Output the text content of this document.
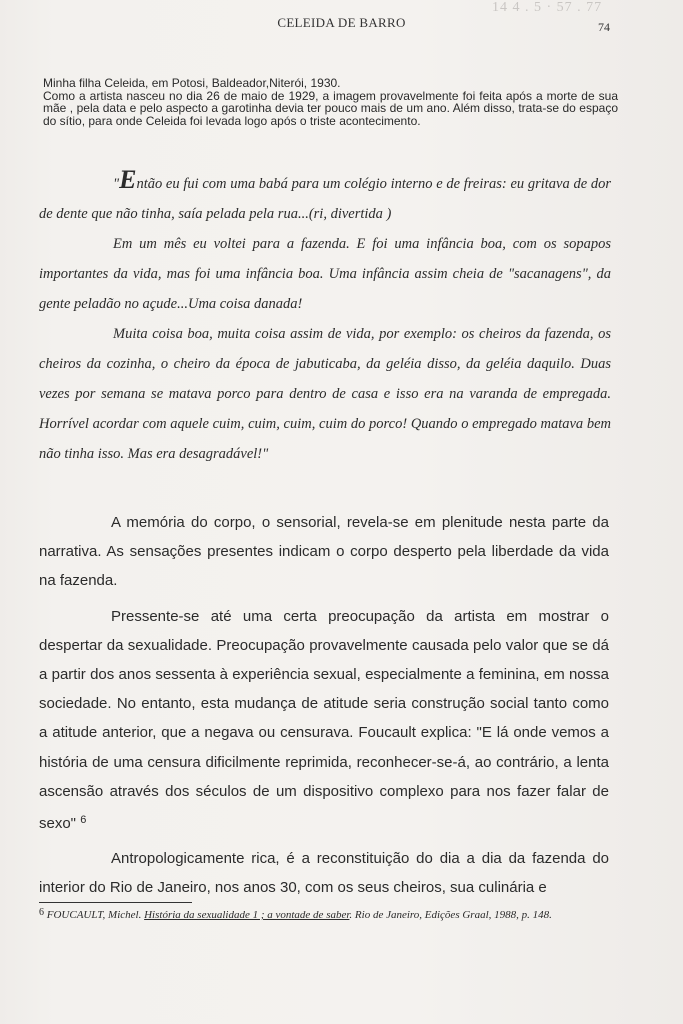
14 4 . 5 · 57 . 77
CELEIDA DE BARRO	74
Minha filha Celeida, em Potosi, Baldeador,Niterói, 1930.
Como a artista nasceu no dia 26 de maio de 1929, a imagem provavelmente foi feita após a morte de sua mãe , pela data e pelo aspecto a garotinha devia ter pouco mais de um ano. Além disso, trata-se do espaço do sítio, para onde Celeida foi levada logo após o triste acontecimento.

"Então eu fui com uma babá para um colégio interno e de freiras: eu gritava de dor de dente que não tinha, saía pelada pela rua...(ri, divertida )

Em um mês eu voltei para a fazenda. E foi uma infância boa, com os sopapos importantes da vida, mas foi uma infância boa. Uma infância assim cheia de "sacanagens", da gente peladão no açude...Uma coisa danada!

Muita coisa boa, muita coisa assim de vida, por exemplo: os cheiros da fazenda, os cheiros da cozinha, o cheiro da época de jabuticaba, da geléia disso, da geléia daquilo. Duas vezes por semana se matava porco para dentro de casa e isso era na varanda de empregada. Horrível acordar com aquele cuim, cuim, cuim, cuim do porco! Quando o empregado matava bem não tinha isso. Mas era desagradável!"

A memória do corpo, o sensorial, revela-se em plenitude nesta parte da narrativa. As sensações presentes indicam o corpo desperto pela liberdade da vida na fazenda.

Pressente-se até uma certa preocupação da artista em mostrar o despertar da sexualidade. Preocupação provavelmente causada pelo valor que se dá a partir dos anos sessenta à experiência sexual, especialmente a feminina, em nossa sociedade. No entanto, esta mudança de atitude seria construção social tanto como a atitude anterior, que a negava ou censurava. Foucault explica: "E lá onde vemos a história de uma censura dificilmente reprimida, reconhecer-se-á, ao contrário, a lenta ascensão através dos séculos de um dispositivo complexo para nos fazer falar de sexo" $^6$

Antropologicamente rica, é a reconstituição do dia a dia da fazenda do interior do Rio de Janeiro, nos anos 30, com os seus cheiros, sua culinária e

6 FOUCAULT, Michel. História da sexualidade 1 ; a vontade de saber. Rio de Janeiro, Edições Graal, 1988, p. 148.
